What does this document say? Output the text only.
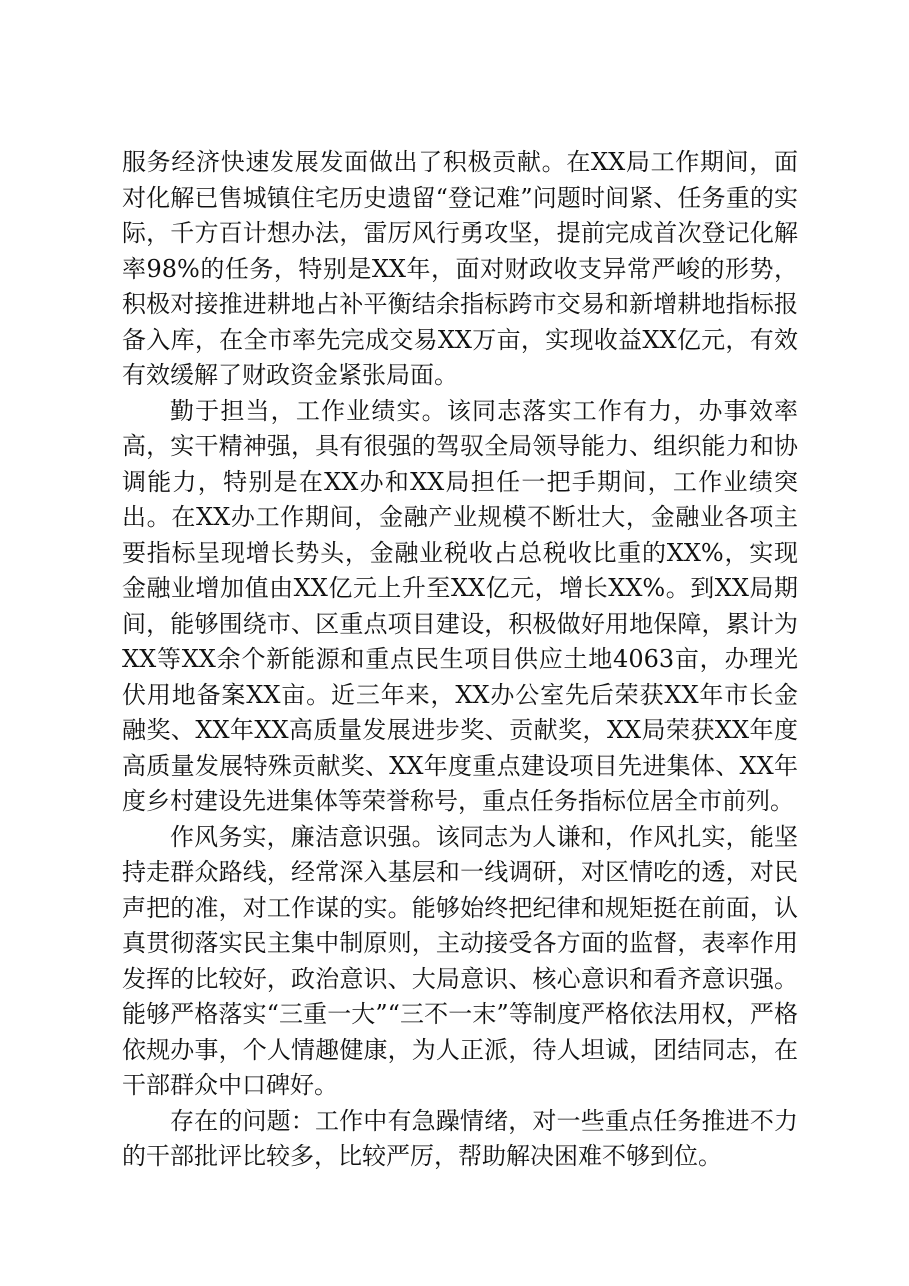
服务经济快速发展发面做出了积极贡献。在XX局工作期间，面对化解已售城镇住宅历史遗留“登记难”问题时间紧、任务重的实际，千方百计想办法，雷厉风行勇攻坚，提前完成首次登记化解率98%的任务，特别是XX年，面对财政收支异常严峻的形势，积极对接推进耕地占补平衡结余指标跨市交易和新增耕地指标报备入库，在全市率先完成交易XX万亩，实现收益XX亿元，有效有效缓解了财政资金紧张局面。

勤于担当，工作业绩实。该同志落实工作有力，办事效率高，实干精神强，具有很强的驾驭全局领导能力、组织能力和协调能力，特别是在XX办和XX局担任一把手期间，工作业绩突出。在XX办工作期间，金融产业规模不断壮大，金融业各项主要指标呈现增长势头，金融业税收占总税收比重的XX%，实现金融业增加值由XX亿元上升至XX亿元，增长XX%。到XX局期间，能够围绕市、区重点项目建设，积极做好用地保障，累计为XX等XX余个新能源和重点民生项目供应土地4063亩，办理光伏用地备案XX亩。近三年来，XX办公室先后荣获XX年市长金融奖、XX年XX高质量发展进步奖、贡献奖，XX局荣获XX年度高质量发展特殊贡献奖、XX年度重点建设项目先进集体、XX年度乡村建设先进集体等荣誉称号，重点任务指标位居全市前列。

作风务实，廉洁意识强。该同志为人谦和，作风扎实，能坚持走群众路线，经常深入基层和一线调研，对区情吃的透，对民声把的准，对工作谋的实。能够始终把纪律和规矩挺在前面，认真贯彻落实民主集中制原则，主动接受各方面的监督，表率作用发挥的比较好，政治意识、大局意识、核心意识和看齐意识强。能够严格落实“三重一大”“三不一末”等制度严格依法用权，严格依规办事，个人情趣健康，为人正派，待人坦诚，团结同志，在干部群众中口碑好。

存在的问题：工作中有急躁情绪，对一些重点任务推进不力的干部批评比较多，比较严厉，帮助解决困难不够到位。
